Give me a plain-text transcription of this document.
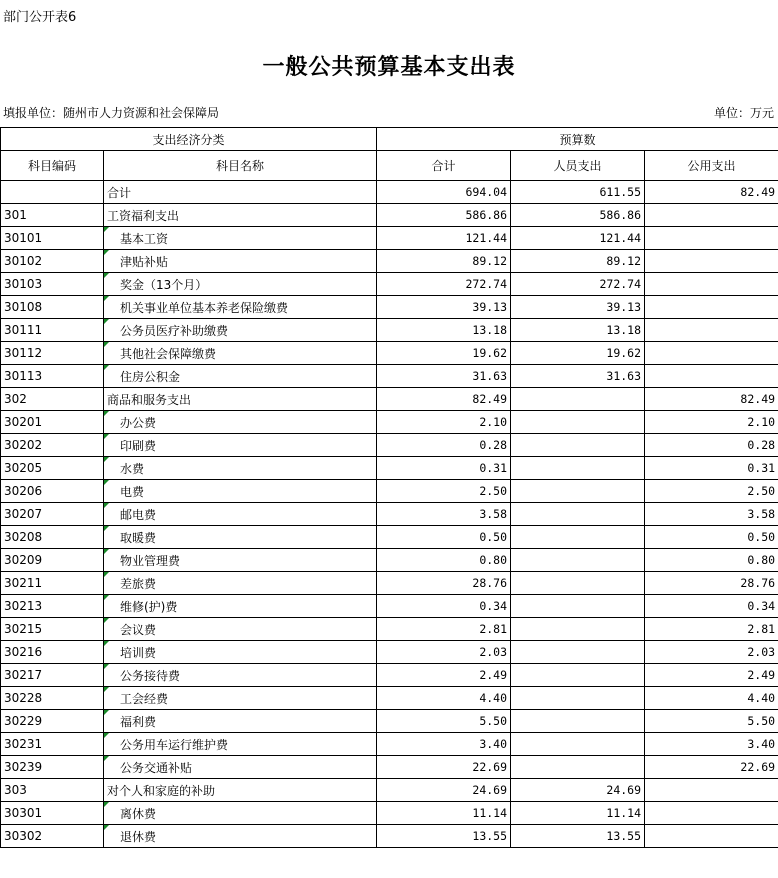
部门公开表6
一般公共预算基本支出表
填报单位：随州市人力资源和社会保障局	单位：万元
支出经济分类		预算数		
科目编码	科目名称	合计	人员支出	公用支出
	合计	694.04	611.55	82.49
301	工资福利支出	586.86	586.86	
30101	基本工资	121.44	121.44	
30102	津贴补贴	89.12	89.12	
30103	奖金（13个月）	272.74	272.74	
30108	机关事业单位基本养老保险缴费	39.13	39.13	
30111	公务员医疗补助缴费	13.18	13.18	
30112	其他社会保障缴费	19.62	19.62	
30113	住房公积金	31.63	31.63	
302	商品和服务支出	82.49		82.49
30201	办公费	2.10		2.10
30202	印刷费	0.28		0.28
30205	水费	0.31		0.31
30206	电费	2.50		2.50
30207	邮电费	3.58		3.58
30208	取暖费	0.50		0.50
30209	物业管理费	0.80		0.80
30211	差旅费	28.76		28.76
30213	维修(护)费	0.34		0.34
30215	会议费	2.81		2.81
30216	培训费	2.03		2.03
30217	公务接待费	2.49		2.49
30228	工会经费	4.40		4.40
30229	福利费	5.50		5.50
30231	公务用车运行维护费	3.40		3.40
30239	公务交通补贴	22.69		22.69
303	对个人和家庭的补助	24.69	24.69	
30301	离休费	11.14	11.14	
30302	退休费	13.55	13.55	
